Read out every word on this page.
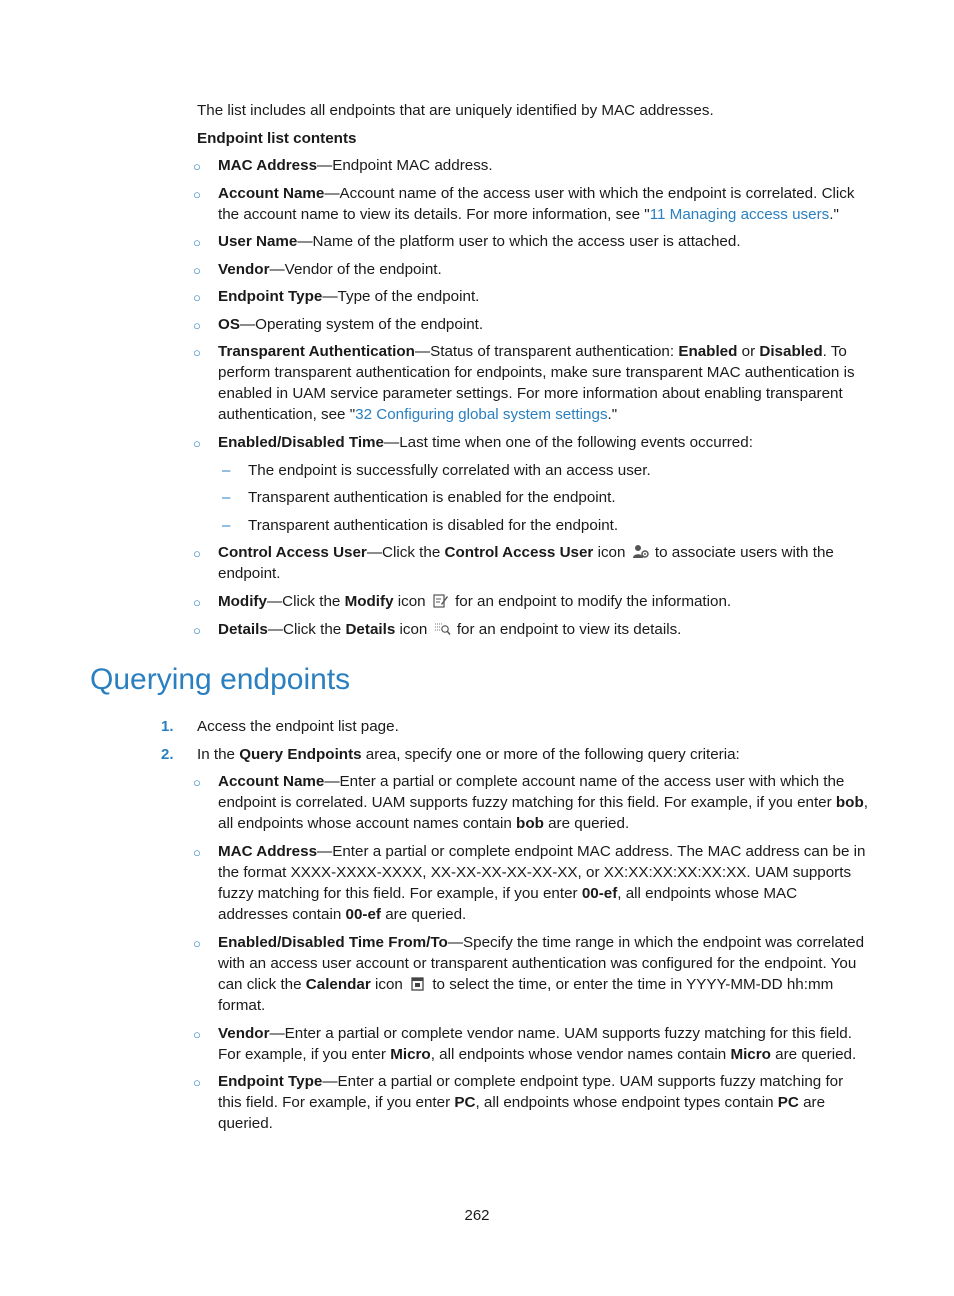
The list includes all endpoints that are uniquely identified by MAC addresses.
Endpoint list contents
○ MAC Address—Endpoint MAC address.
○ Account Name—Account name of the access user with which the endpoint is correlated. Click the account name to view its details. For more information, see "11 Managing access users."
○ User Name—Name of the platform user to which the access user is attached.
○ Vendor—Vendor of the endpoint.
○ Endpoint Type—Type of the endpoint.
○ OS—Operating system of the endpoint.
○ Transparent Authentication—Status of transparent authentication: Enabled or Disabled. To perform transparent authentication for endpoints, make sure transparent MAC authentication is enabled in UAM service parameter settings. For more information about enabling transparent authentication, see "32 Configuring global system settings."
○ Enabled/Disabled Time—Last time when one of the following events occurred:
– The endpoint is successfully correlated with an access user.
– Transparent authentication is enabled for the endpoint.
– Transparent authentication is disabled for the endpoint.
○ Control Access User—Click the Control Access User icon  to associate users with the endpoint.
○ Modify—Click the Modify icon  for an endpoint to modify the information.
○ Details—Click the Details icon  for an endpoint to view its details.
Querying endpoints
1. Access the endpoint list page.
2. In the Query Endpoints area, specify one or more of the following query criteria:
○ Account Name—Enter a partial or complete account name of the access user with which the endpoint is correlated. UAM supports fuzzy matching for this field. For example, if you enter bob, all endpoints whose account names contain bob are queried.
○ MAC Address—Enter a partial or complete endpoint MAC address. The MAC address can be in the format XXXX-XXXX-XXXX, XX-XX-XX-XX-XX-XX, or XX:XX:XX:XX:XX:XX. UAM supports fuzzy matching for this field. For example, if you enter 00-ef, all endpoints whose MAC addresses contain 00-ef are queried.
○ Enabled/Disabled Time From/To—Specify the time range in which the endpoint was correlated with an access user account or transparent authentication was configured for the endpoint. You can click the Calendar icon  to select the time, or enter the time in YYYY-MM-DD hh:mm format.
○ Vendor—Enter a partial or complete vendor name. UAM supports fuzzy matching for this field. For example, if you enter Micro, all endpoints whose vendor names contain Micro are queried.
○ Endpoint Type—Enter a partial or complete endpoint type. UAM supports fuzzy matching for this field. For example, if you enter PC, all endpoints whose endpoint types contain PC are queried.
262
